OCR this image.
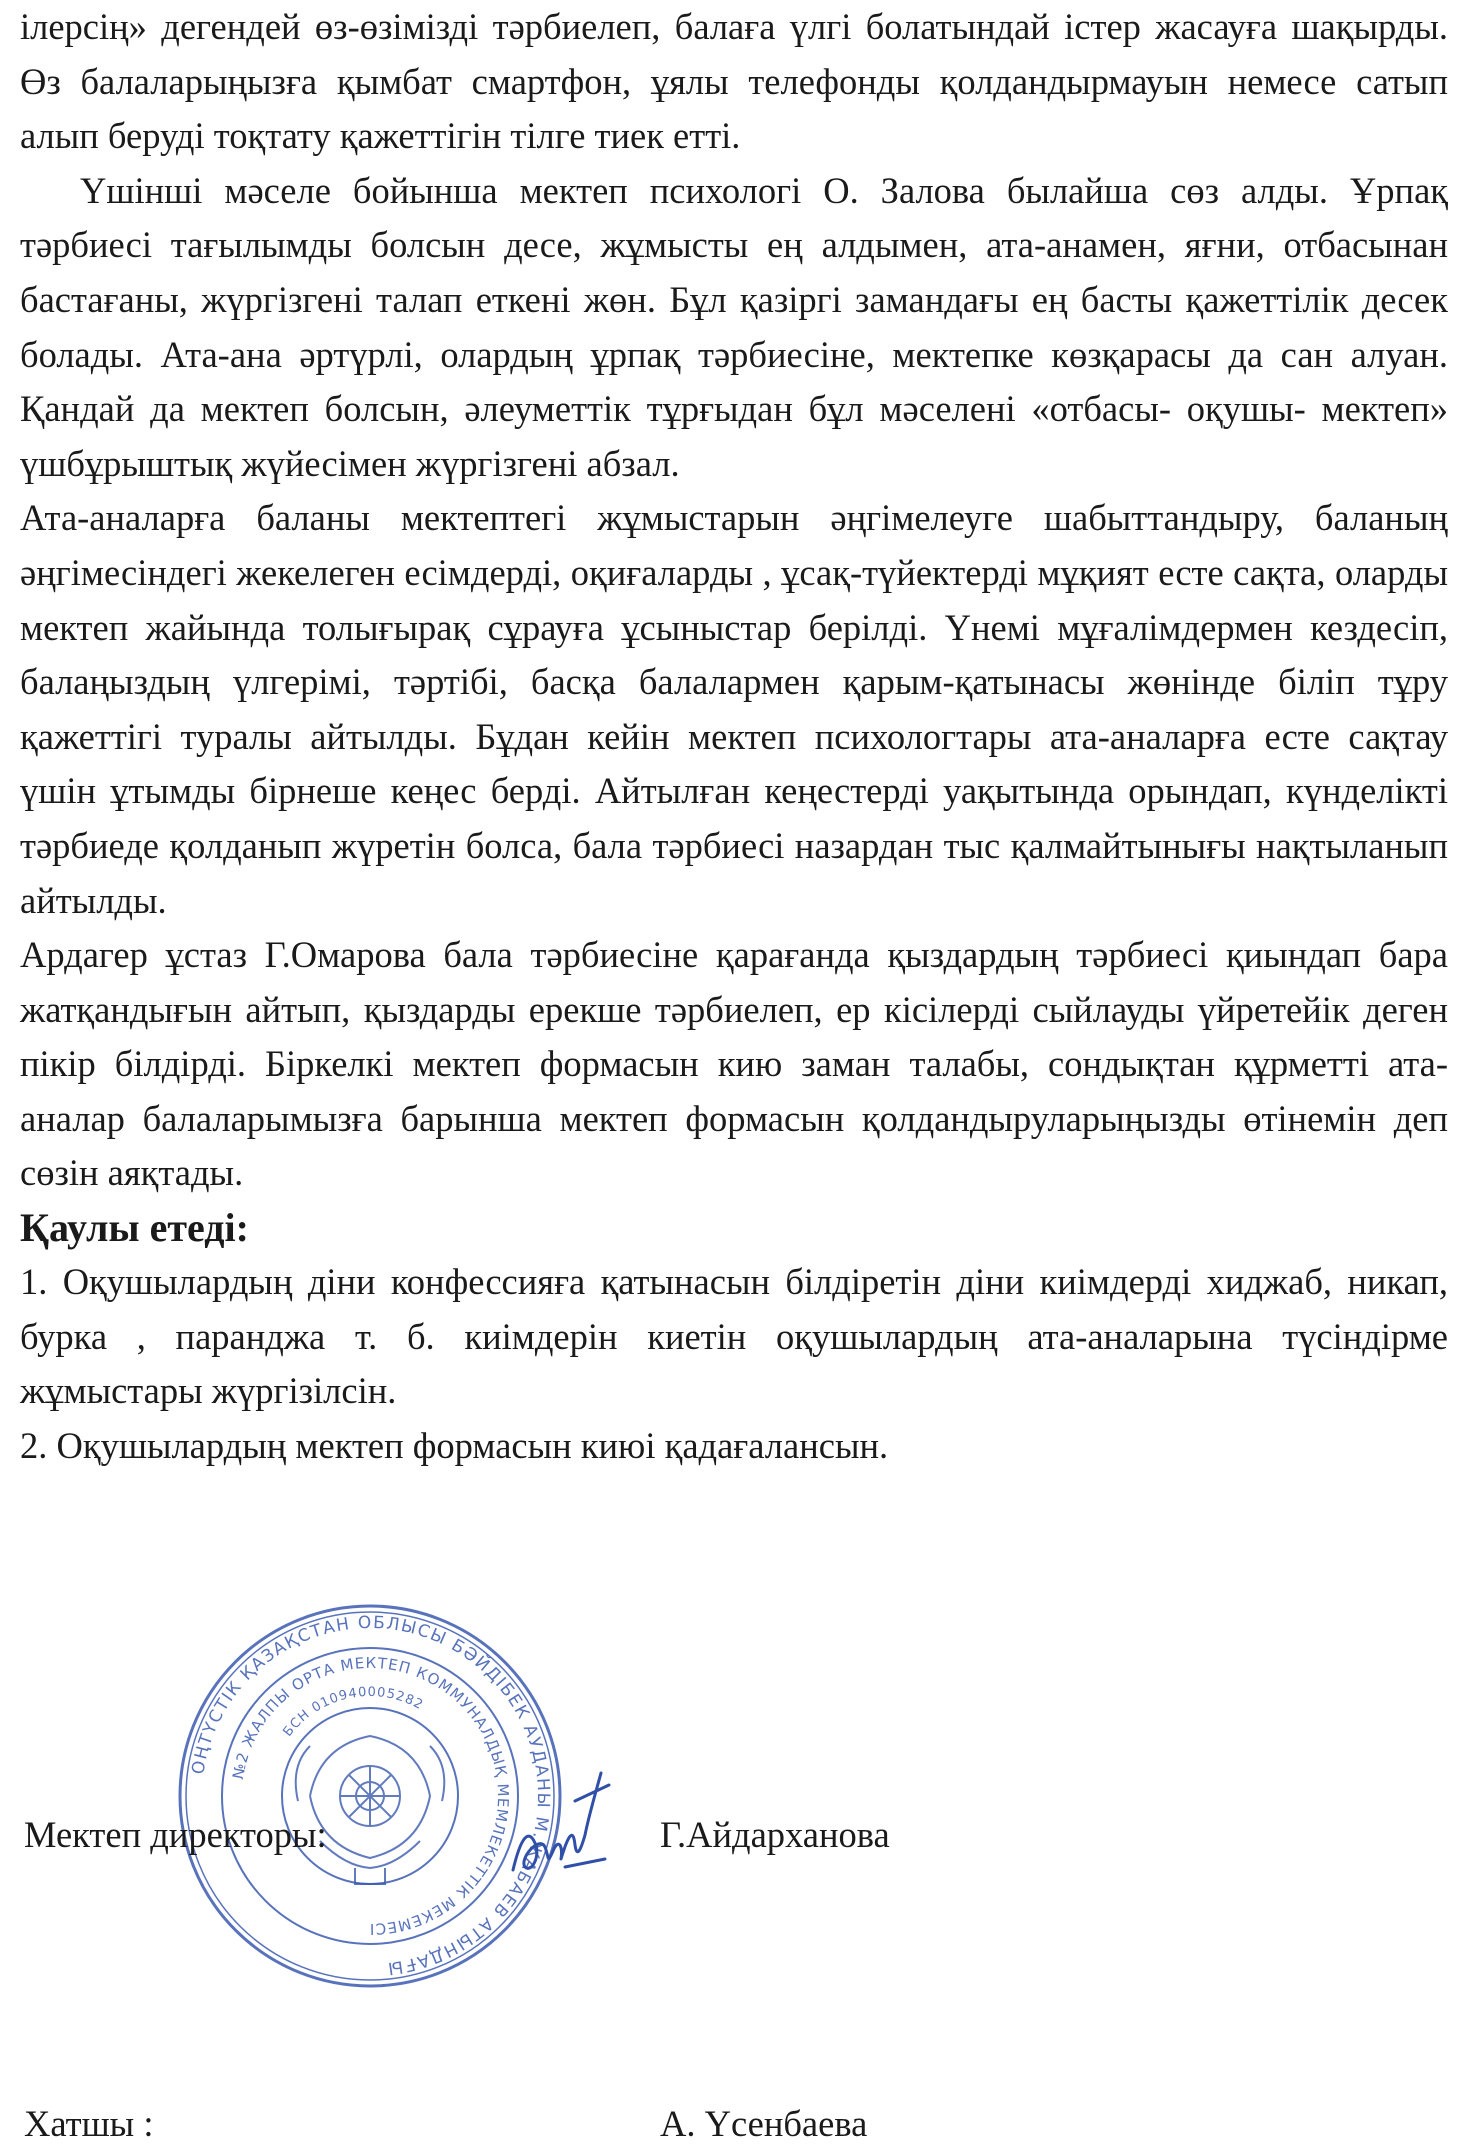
ілерсің» дегендей өз-өзімізді тәрбиелеп, балаға үлгі болатындай істер жасауға шақырды. Өз балаларыңызға қымбат смартфон, ұялы телефонды қолдандырмауын немесе сатып алып беруді тоқтату қажеттігін тілге тиек етті.

Үшінші мәселе бойынша мектеп психологі О. Залова былайша сөз алды. Ұрпақ тәрбиесі тағылымды болсын десе, жұмысты ең алдымен, ата-анамен, яғни, отбасынан бастағаны, жүргізгені талап еткені жөн. Бұл қазіргі замандағы ең басты қажеттілік десек болады. Ата-ана әртүрлі, олардың ұрпақ тәрбиесіне, мектепке көзқарасы да сан алуан. Қандай да мектеп болсын, әлеуметтік тұрғыдан бұл мәселені «отбасы- оқушы- мектеп» үшбұрыштық жүйесімен жүргізгені абзал.

Ата-аналарға баланы мектептегі жұмыстарын әңгімелеуге шабыттандыру, баланың әңгімесіндегі жекелеген есімдерді, оқиғаларды , ұсақ-түйектерді мұқият есте сақта, оларды мектеп жайында толығырақ сұрауға ұсыныстар берілді. Үнемі мұғалімдермен кездесіп, балаңыздың үлгерімі, тәртібі, басқа балалармен қарым-қатынасы жөнінде біліп тұру қажеттігі туралы айтылды. Бұдан кейін мектеп психологтары ата-аналарға есте сақтау үшін ұтымды бірнеше кеңес берді. Айтылған кеңестерді уақытында орындап, күнделікті тәрбиеде қолданып жүретін болса, бала тәрбиесі назардан тыс қалмайтынығы нақтыланып айтылды.

Ардагер ұстаз Г.Омарова бала тәрбиесіне қарағанда қыздардың тәрбиесі қиындап бара жатқандығын айтып, қыздарды ерекше тәрбиелеп, ер кісілерді сыйлауды үйретейік деген пікір білдірді. Біркелкі мектеп формасын кию заман талабы, сондықтан құрметті ата-аналар балаларымызға барынша мектеп формасын қолдандыруларыңызды өтінемін деп сөзін аяқтады.

Қаулы етеді:

1. Оқушылардың діни конфессияға қатынасын білдіретін діни киімдерді хиджаб, никап, бурка , паранджа т. б. киімдерін киетін оқушылардың ата-аналарына түсіндірме жұмыстары жүргізілсін.

2. Оқушылардың мектеп формасын киюі қадағалансын.

ОҢТҮСТІК ҚАЗАҚСТАН ОБЛЫСЫ БӘЙДІБЕК АУДАНЫ М.ЖАБАЕВ АТЫНДАҒЫ
№2 ЖАЛПЫ ОРТА МЕКТЕП КОММУНАЛДЫҚ МЕМЛЕКЕТТІК МЕКЕМЕСІ
БСН 010940005282
Мектеп директоры:	Г.Айдарханова
Хатшы :	А. Үсенбаева
